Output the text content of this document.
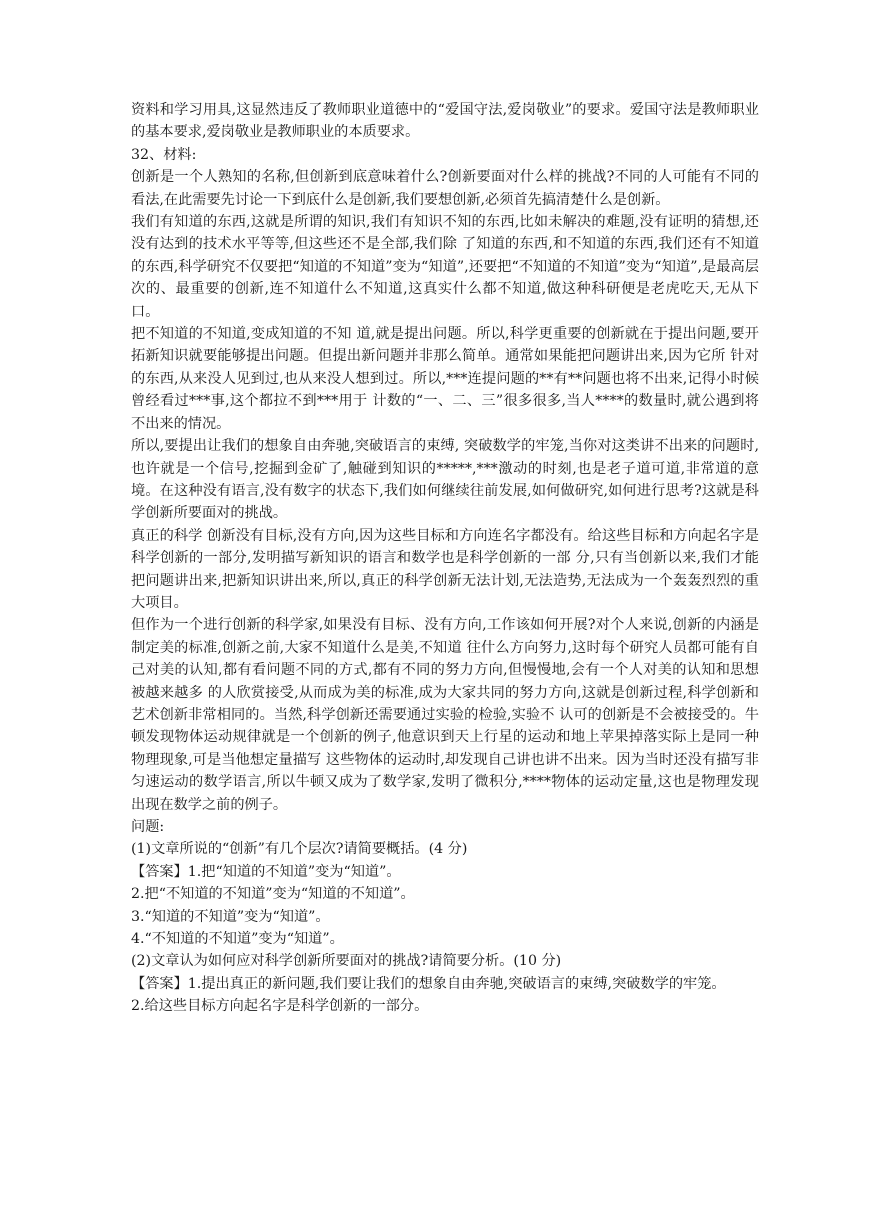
资料和学习用具,这显然违反了教师职业道德中的“爱国守法,爱岗敬业”的要求。爱国守法是教师职业的基本要求,爱岗敬业是教师职业的本质要求。

32、材料:

创新是一个人熟知的名称,但创新到底意味着什么?创新要面对什么样的挑战?不同的人可能有不同的看法,在此需要先讨论一下到底什么是创新,我们要想创新,必须首先搞清楚什么是创新。

我们有知道的东西,这就是所谓的知识,我们有知识不知的东西,比如未解决的难题,没有证明的猜想,还没有达到的技术水平等等,但这些还不是全部,我们除 了知道的东西,和不知道的东西,我们还有不知道的东西,科学研究不仅要把“知道的不知道”变为“知道”,还要把“不知道的不知道”变为“知道”,是最高层 次的、最重要的创新,连不知道什么不知道,这真实什么都不知道,做这种科研便是老虎吃天,无从下口。

把不知道的不知道,变成知道的不知 道,就是提出问题。所以,科学更重要的创新就在于提出问题,要开拓新知识就要能够提出问题。但提出新问题并非那么简单。通常如果能把问题讲出来,因为它所 针对的东西,从来没人见到过,也从来没人想到过。所以,***连提问题的**有**问题也将不出来,记得小时候曾经看过***事,这个都拉不到***用于 计数的“一、二、三”很多很多,当人****的数量时,就公遇到将不出来的情况。

所以,要提出让我们的想象自由奔驰,突破语言的束缚, 突破数学的牢笼,当你对这类讲不出来的问题时,也许就是一个信号,挖掘到金矿了,触碰到知识的*****,***激动的时刻,也是老子道可道,非常道的意 境。在这种没有语言,没有数字的状态下,我们如何继续往前发展,如何做研究,如何进行思考?这就是科学创新所要面对的挑战。

真正的科学 创新没有目标,没有方向,因为这些目标和方向连名字都没有。给这些目标和方向起名字是科学创新的一部分,发明描写新知识的语言和数学也是科学创新的一部 分,只有当创新以来,我们才能把问题讲出来,把新知识讲出来,所以,真正的科学创新无法计划,无法造势,无法成为一个轰轰烈烈的重大项目。

但作为一个进行创新的科学家,如果没有目标、没有方向,工作该如何开展?对个人来说,创新的内涵是制定美的标准,创新之前,大家不知道什么是美,不知道 往什么方向努力,这时每个研究人员都可能有自己对美的认知,都有看问题不同的方式,都有不同的努力方向,但慢慢地,会有一个人对美的认知和思想被越来越多 的人欣赏接受,从而成为美的标准,成为大家共同的努力方向,这就是创新过程,科学创新和艺术创新非常相同的。当然,科学创新还需要通过实验的检验,实验不 认可的创新是不会被接受的。牛顿发现物体运动规律就是一个创新的例子,他意识到天上行星的运动和地上苹果掉落实际上是同一种物理现象,可是当他想定量描写 这些物体的运动时,却发现自己讲也讲不出来。因为当时还没有描写非匀速运动的数学语言,所以牛顿又成为了数学家,发明了微积分,****物体的运动定量,这也是物理发现出现在数学之前的例子。

问题:

(1)文章所说的“创新”有几个层次?请简要概括。(4 分)

【答案】1.把“知道的不知道”变为“知道”。

2.把“不知道的不知道”变为“知道的不知道”。

3.“知道的不知道”变为“知道”。

4.“不知道的不知道”变为“知道”。

(2)文章认为如何应对科学创新所要面对的挑战?请简要分析。(10 分)

【答案】1.提出真正的新问题,我们要让我们的想象自由奔驰,突破语言的束缚,突破数学的牢笼。

2.给这些目标方向起名字是科学创新的一部分。
